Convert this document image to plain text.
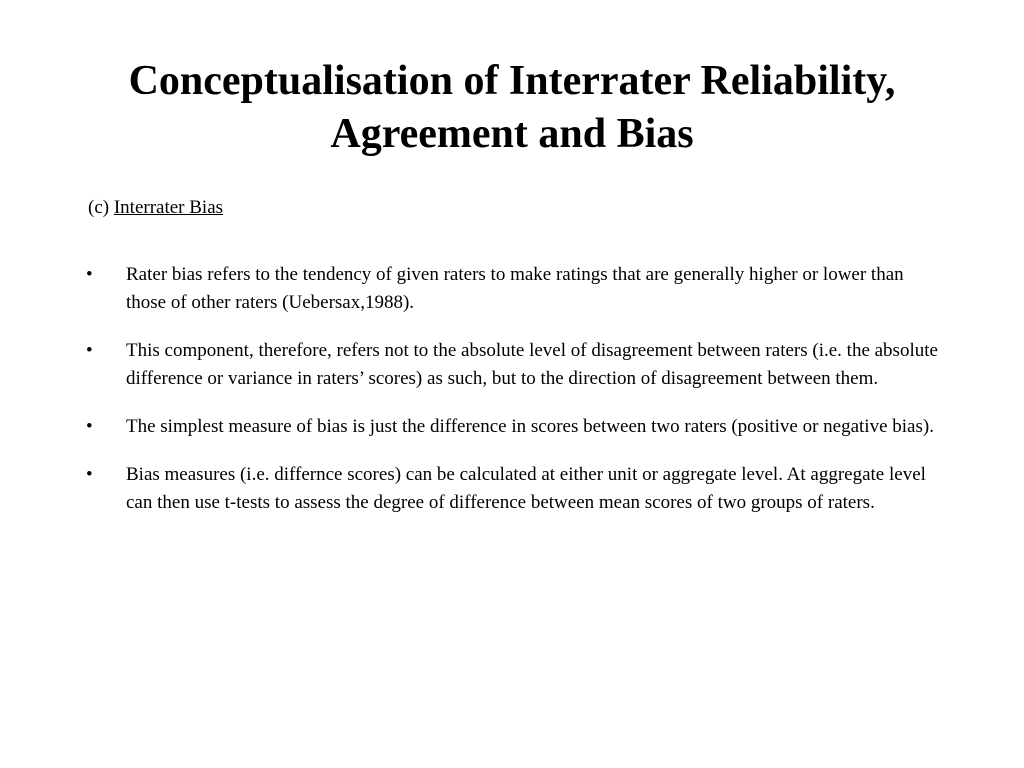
Conceptualisation of Interrater Reliability, Agreement and Bias

(c) Interrater Bias

• Rater bias refers to the tendency of given raters to make ratings that are generally higher or lower than those of other raters (Uebersax,1988).
• This component, therefore, refers not to the absolute level of disagreement between raters (i.e. the absolute difference or variance in raters’ scores) as such, but to the direction of disagreement between them.
• The simplest measure of bias is just the difference in scores between two raters (positive or negative bias).
• Bias measures (i.e. differnce scores) can be calculated at either unit or aggregate level. At aggregate level can then use t-tests to assess the degree of difference between mean scores of two groups of raters.
